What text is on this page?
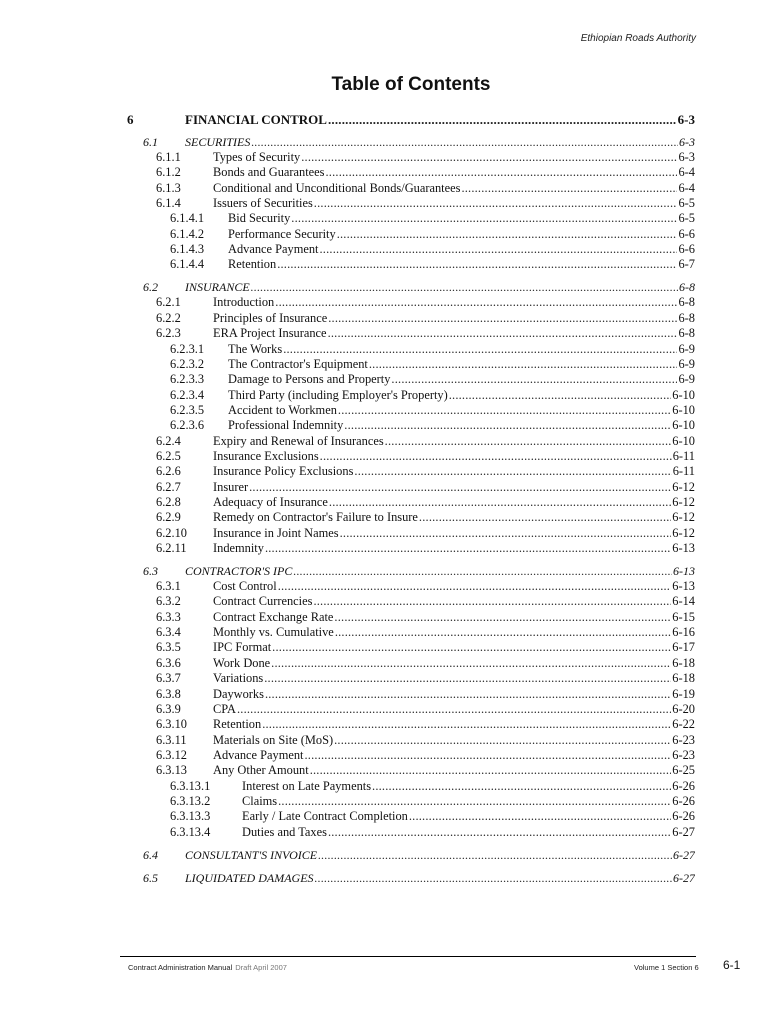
Ethiopian Roads Authority
Table of Contents
6	FINANCIAL CONTROL .....	6-3
6.1 SECURITIES .....	6-3
6.1.1	Types of Security .....	6-3
6.1.2	Bonds and Guarantees .....	6-4
6.1.3	Conditional and Unconditional Bonds/Guarantees .....	6-4
6.1.4	Issuers of Securities .....	6-5
6.1.4.1 Bid Security .....	6-5
6.1.4.2 Performance Security .....	6-6
6.1.4.3 Advance Payment .....	6-6
6.1.4.4 Retention .....	6-7
6.2 INSURANCE .....	6-8
6.2.1	Introduction .....	6-8
6.2.2	Principles of Insurance .....	6-8
6.2.3	ERA Project Insurance .....	6-8
6.2.3.1 The Works .....	6-9
6.2.3.2 The Contractor's Equipment .....	6-9
6.2.3.3 Damage to Persons and Property .....	6-9
6.2.3.4 Third Party (including Employer's Property) .....	6-10
6.2.3.5 Accident to Workmen .....	6-10
6.2.3.6 Professional Indemnity .....	6-10
6.2.4	Expiry and Renewal of Insurances .....	6-10
6.2.5	Insurance Exclusions .....	6-11
6.2.6	Insurance Policy Exclusions .....	6-11
6.2.7	Insurer .....	6-12
6.2.8	Adequacy of Insurance .....	6-12
6.2.9	Remedy on Contractor's Failure to Insure .....	6-12
6.2.10 Insurance in Joint Names .....	6-12
6.2.11 Indemnity .....	6-13
6.3 CONTRACTOR'S IPC .....	6-13
6.3.1	Cost Control .....	6-13
6.3.2	Contract Currencies .....	6-14
6.3.3	Contract Exchange Rate .....	6-15
6.3.4	Monthly vs. Cumulative .....	6-16
6.3.5	IPC Format .....	6-17
6.3.6	Work Done .....	6-18
6.3.7	Variations .....	6-18
6.3.8	Dayworks .....	6-19
6.3.9	CPA .....	6-20
6.3.10 Retention .....	6-22
6.3.11 Materials on Site (MoS) .....	6-23
6.3.12 Advance Payment .....	6-23
6.3.13 Any Other Amount .....	6-25
6.3.13.1	Interest on Late Payments .....	6-26
6.3.13.2	Claims .....	6-26
6.3.13.3	Early / Late Contract Completion .....	6-26
6.3.13.4	Duties and Taxes .....	6-27
6.4 CONSULTANT'S INVOICE .....	6-27
6.5 LIQUIDATED DAMAGES .....	6-27
Contract Administration Manual Draft April 2007	Volume 1 Section 6 6-1
